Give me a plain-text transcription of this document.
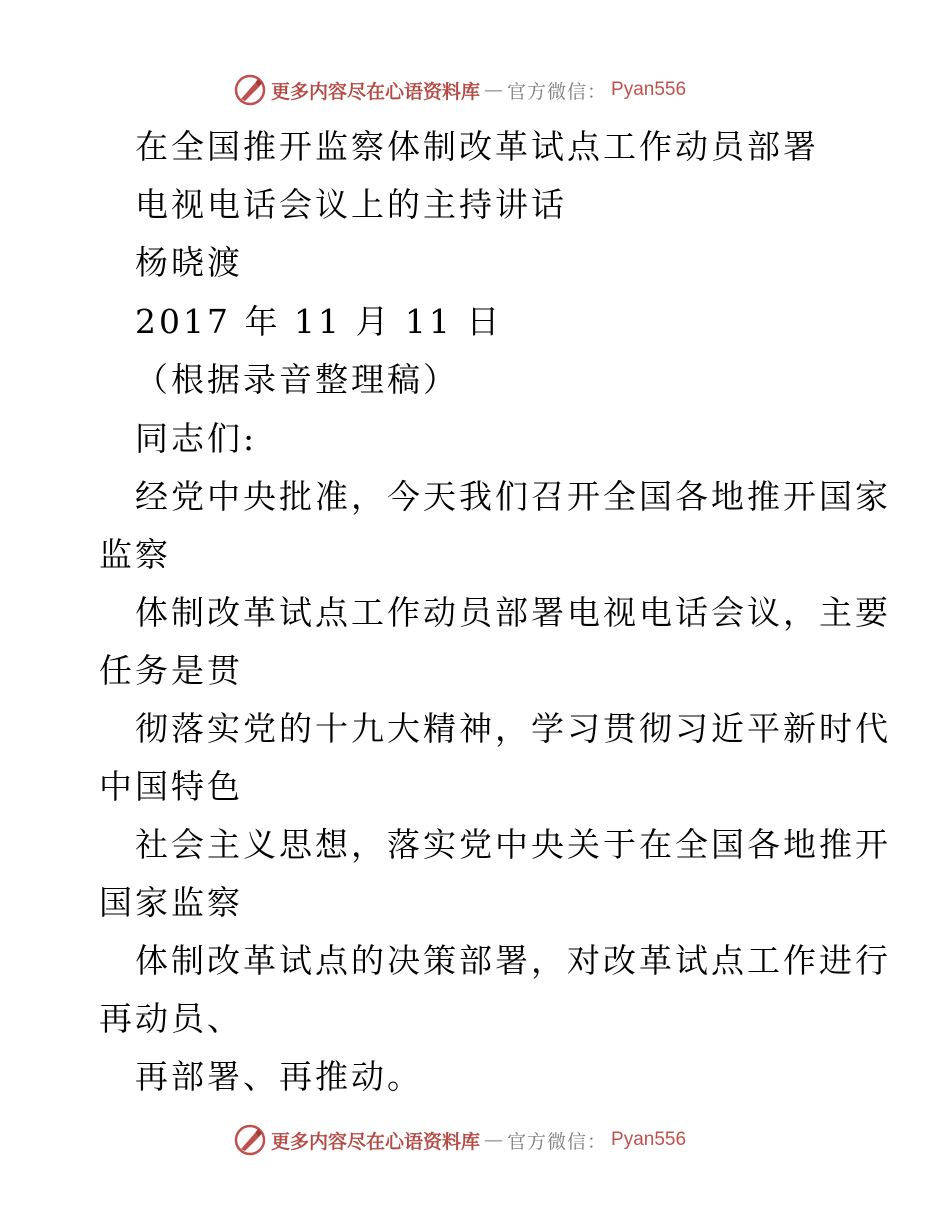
更多内容尽在心语资料库 — 官方微信： Pyan556
在全国推开监察体制改革试点工作动员部署
电视电话会议上的主持讲话
杨晓渡
2017 年 11 月 11 日
（根据录音整理稿）
同志们:
经党中央批准，今天我们召开全国各地推开国家
监察
体制改革试点工作动员部署电视电话会议，主要
任务是贯
彻落实党的十九大精神，学习贯彻习近平新时代
中国特色
社会主义思想，落实党中央关于在全国各地推开
国家监察
体制改革试点的决策部署，对改革试点工作进行
再动员、
再部署、再推动。
更多内容尽在心语资料库 — 官方微信： Pyan556
